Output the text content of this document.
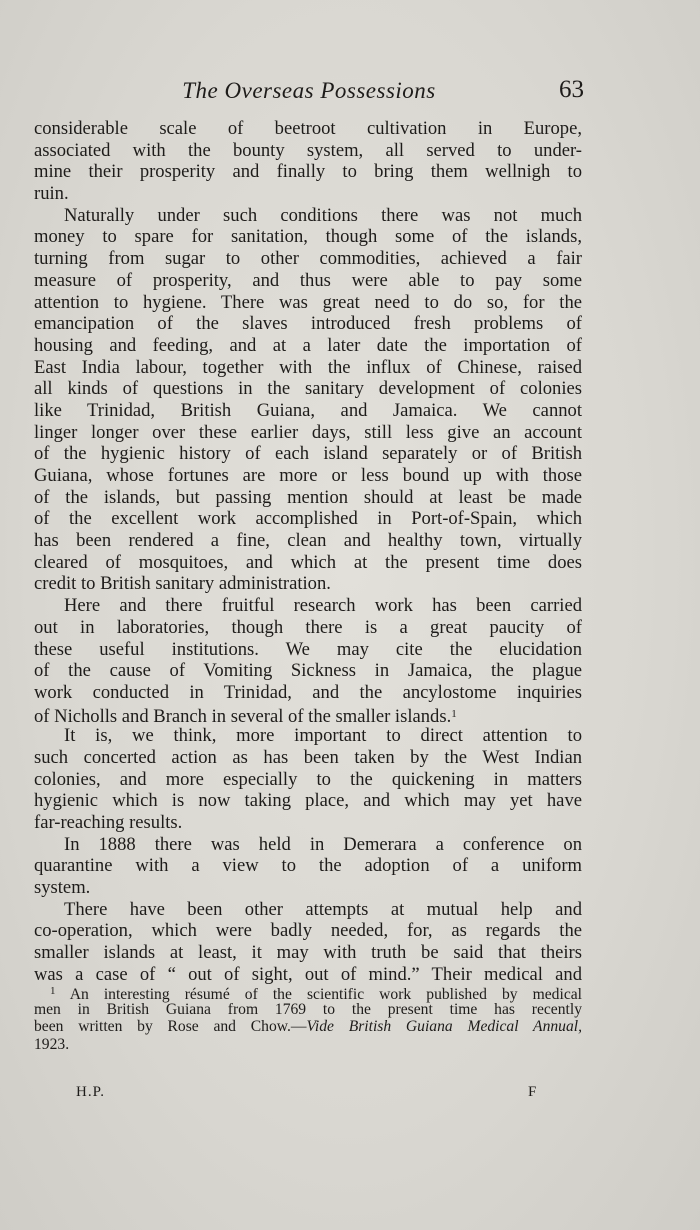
The Overseas Possessions	63
considerable scale of beetroot cultivation in Europe,
associated with the bounty system, all served to under-
mine their prosperity and finally to bring them wellnigh to
ruin.
Naturally under such conditions there was not much
money to spare for sanitation, though some of the islands,
turning from sugar to other commodities, achieved a fair
measure of prosperity, and thus were able to pay some
attention to hygiene. There was great need to do so, for the
emancipation of the slaves introduced fresh problems of
housing and feeding, and at a later date the importation of
East India labour, together with the influx of Chinese, raised
all kinds of questions in the sanitary development of colonies
like Trinidad, British Guiana, and Jamaica. We cannot
linger longer over these earlier days, still less give an account
of the hygienic history of each island separately or of British
Guiana, whose fortunes are more or less bound up with those
of the islands, but passing mention should at least be made
of the excellent work accomplished in Port-of-Spain, which
has been rendered a fine, clean and healthy town, virtually
cleared of mosquitoes, and which at the present time does
credit to British sanitary administration.
Here and there fruitful research work has been carried
out in laboratories, though there is a great paucity of
these useful institutions. We may cite the elucidation
of the cause of Vomiting Sickness in Jamaica, the plague
work conducted in Trinidad, and the ancylostome inquiries
of Nicholls and Branch in several of the smaller islands.$^1$
It is, we think, more important to direct attention to
such concerted action as has been taken by the West Indian
colonies, and more especially to the quickening in matters
hygienic which is now taking place, and which may yet have
far-reaching results.
In 1888 there was held in Demerara a conference on
quarantine with a view to the adoption of a uniform
system.
There have been other attempts at mutual help and
co-operation, which were badly needed, for, as regards the
smaller islands at least, it may with truth be said that theirs
was a case of “ out of sight, out of mind.” Their medical and
$^1$ An interesting résumé of the scientific work published by medical
men in British Guiana from 1769 to the present time has recently
been written by Rose and Chow.—Vide British Guiana Medical Annual,
1923.
H.P.	F
